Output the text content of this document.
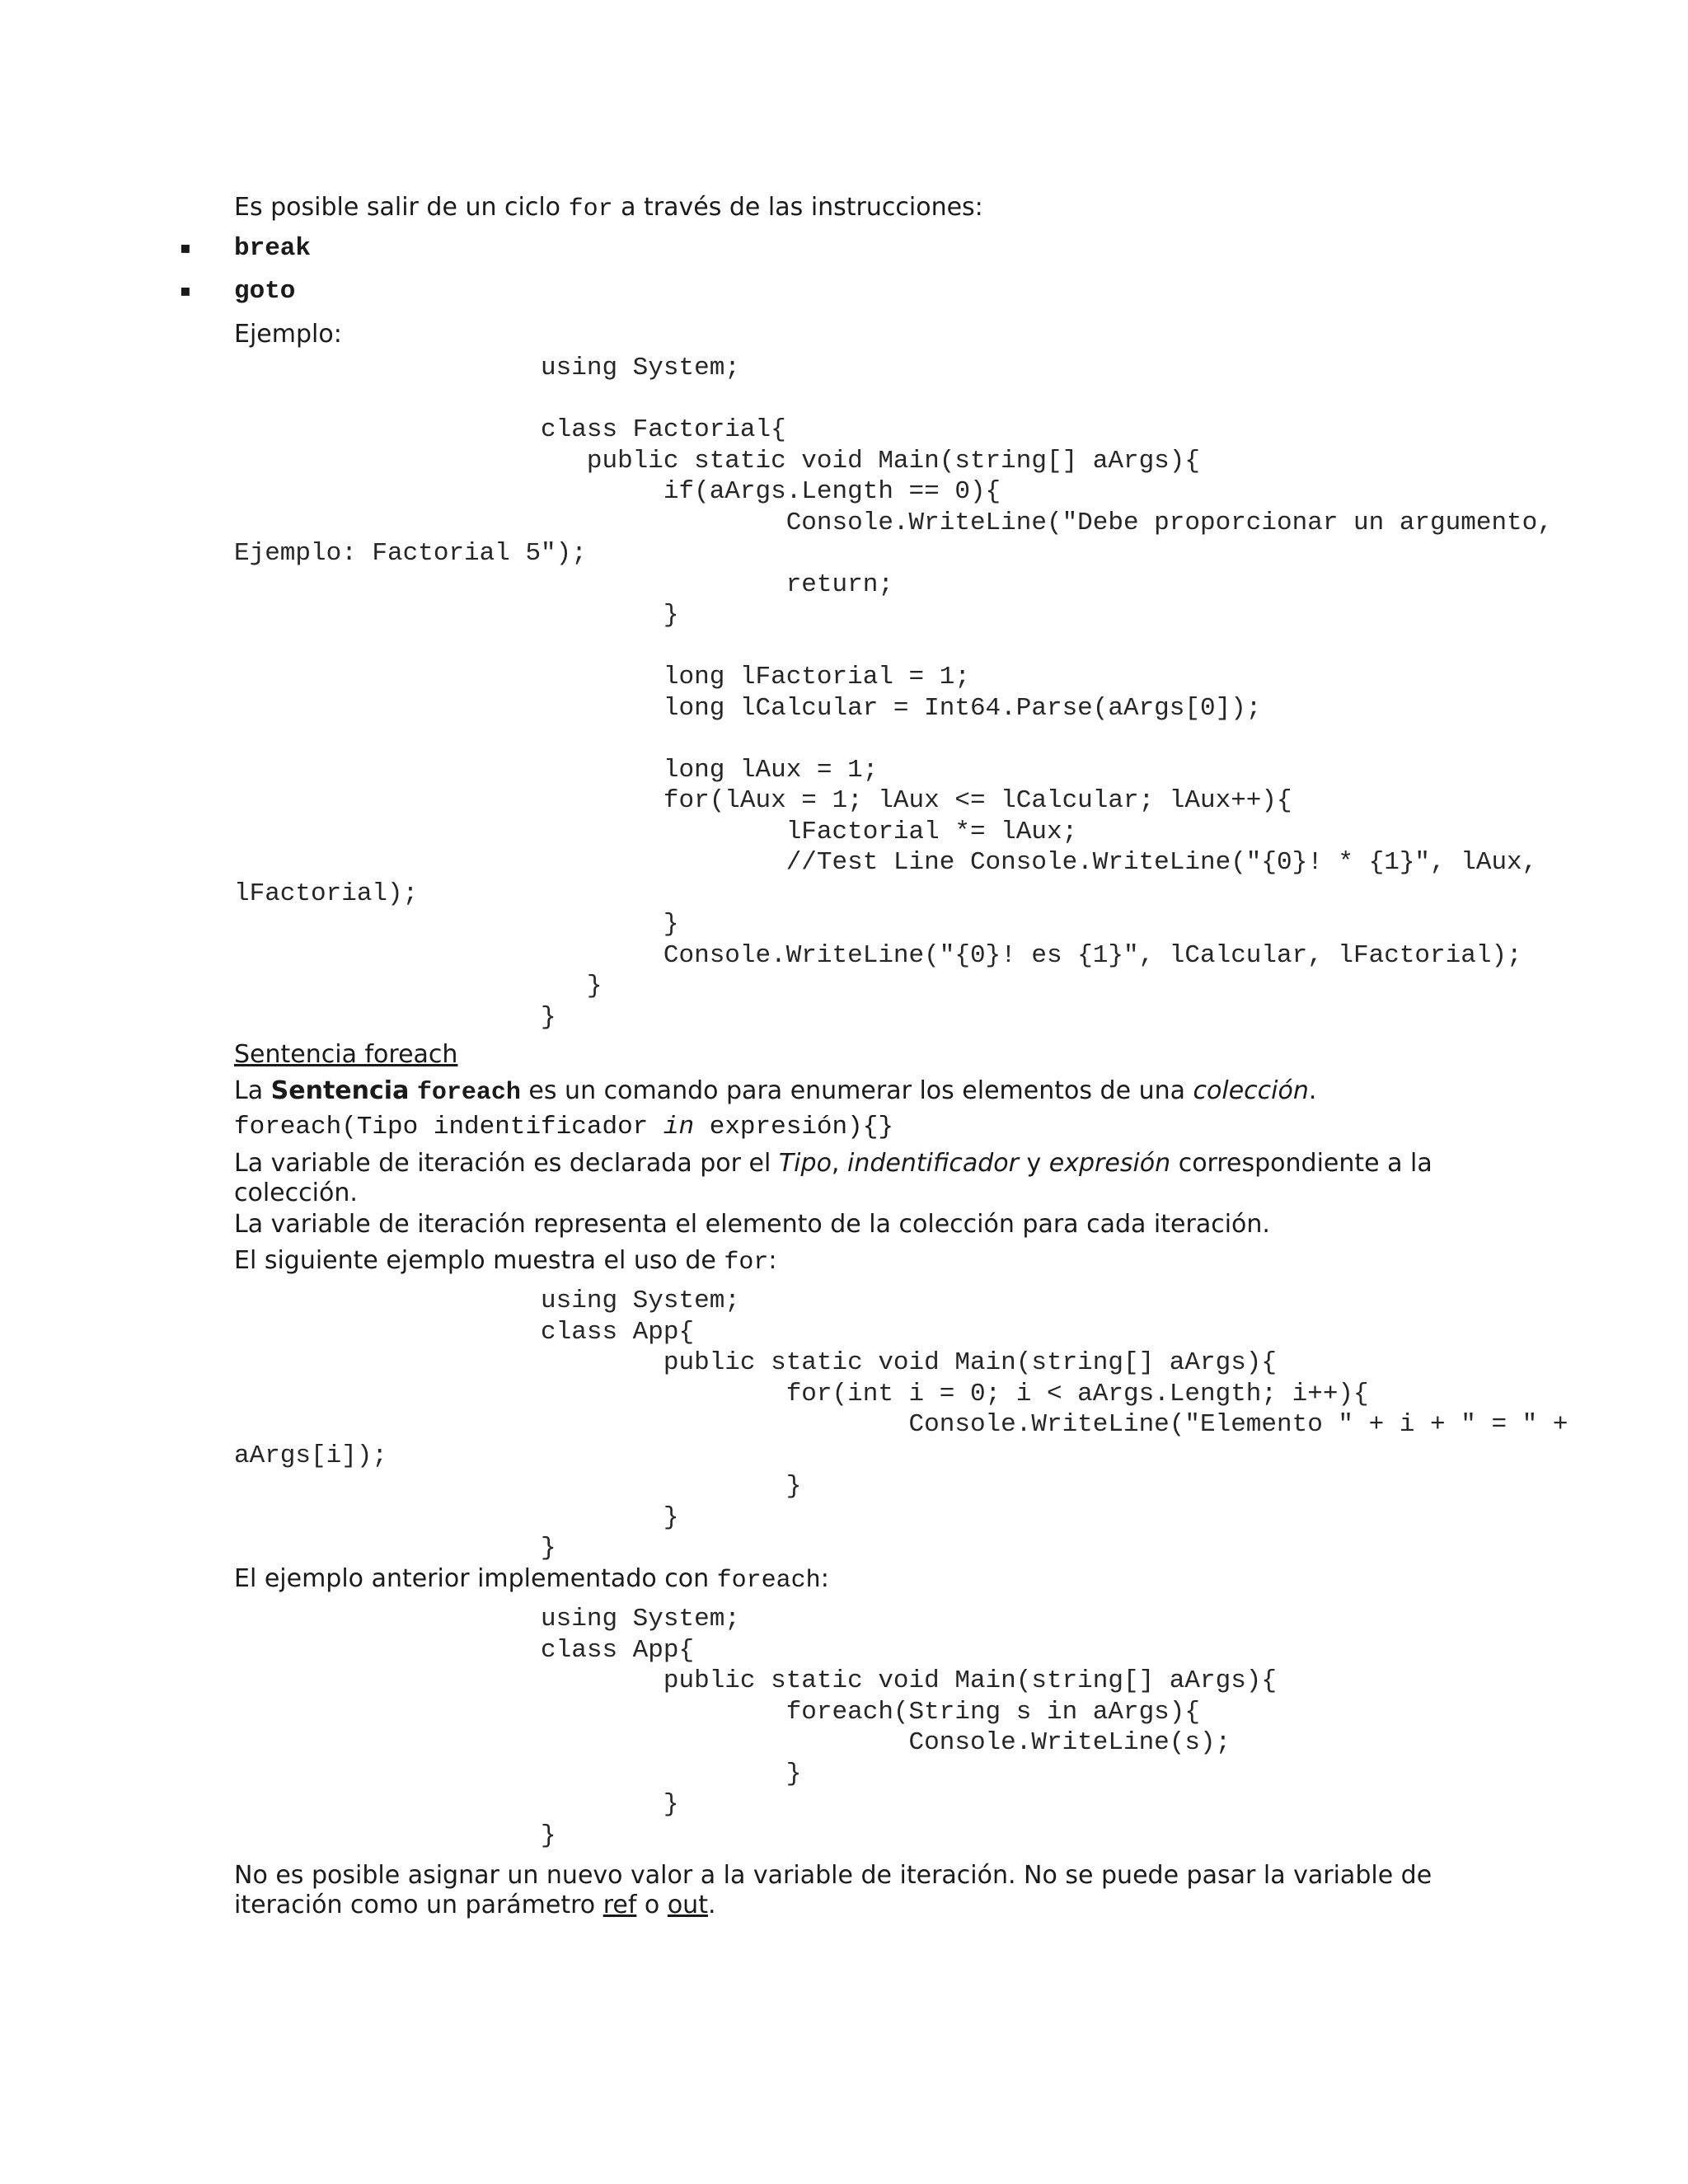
Es posible salir de un ciclo for a través de las instrucciones:
▪ break
▪ goto
Ejemplo:
using System;

class Factorial{
public static void Main(string[] aArgs){
if(aArgs.Length == 0){
Console.WriteLine("Debe proporcionar un argumento,
Ejemplo: Factorial 5");
return;
}

long lFactorial = 1;
long lCalcular = Int64.Parse(aArgs[0]);

long lAux = 1;
for(lAux = 1; lAux <= lCalcular; lAux++){
lFactorial *= lAux;
//Test Line Console.WriteLine("{0}! * {1}", lAux,
lFactorial);
}
Console.WriteLine("{0}! es {1}", lCalcular, lFactorial);
}
}
Sentencia foreach
La Sentencia foreach es un comando para enumerar los elementos de una colección.
foreach(Tipo indentificador in expresión){}
La variable de iteración es declarada por el Tipo, indentificador y expresión correspondiente a la colección.
La variable de iteración representa el elemento de la colección para cada iteración.
El siguiente ejemplo muestra el uso de for:
using System;
class App{
public static void Main(string[] aArgs){
for(int i = 0; i < aArgs.Length; i++){
Console.WriteLine("Elemento " + i + " = " +
aArgs[i]);
}
}
}
El ejemplo anterior implementado con foreach:
using System;
class App{
public static void Main(string[] aArgs){
foreach(String s in aArgs){
Console.WriteLine(s);
}
}
}
No es posible asignar un nuevo valor a la variable de iteración. No se puede pasar la variable de iteración como un parámetro ref o out.
